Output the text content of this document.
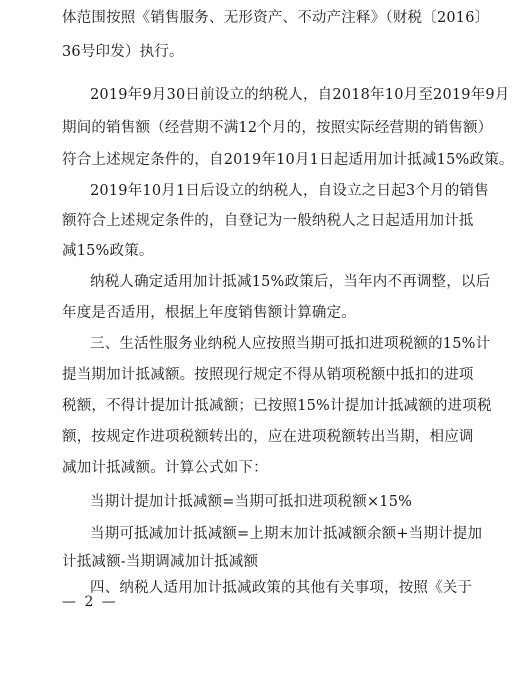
体范围按照《销售服务、无形资产、不动产注释》（财税〔2016〕
36号印发）执行。
2019年9月30日前设立的纳税人，自2018年10月至2019年9月
期间的销售额（经营期不满12个月的，按照实际经营期的销售额）
符合上述规定条件的，自2019年10月1日起适用加计抵减15%政策。
2019年10月1日后设立的纳税人，自设立之日起3个月的销售
额符合上述规定条件的，自登记为一般纳税人之日起适用加计抵
减15%政策。
纳税人确定适用加计抵减15%政策后，当年内不再调整，以后
年度是否适用，根据上年度销售额计算确定。
三、生活性服务业纳税人应按照当期可抵扣进项税额的15%计
提当期加计抵减额。按照现行规定不得从销项税额中抵扣的进项
税额，不得计提加计抵减额；已按照15%计提加计抵减额的进项税
额，按规定作进项税额转出的，应在进项税额转出当期，相应调
减加计抵减额。计算公式如下：
当期计提加计抵减额=当期可抵扣进项税额×15%
当期可抵减加计抵减额=上期末加计抵减额余额+当期计提加
计抵减额-当期调减加计抵减额
四、纳税人适用加计抵减政策的其他有关事项，按照《关于
— 2 —
